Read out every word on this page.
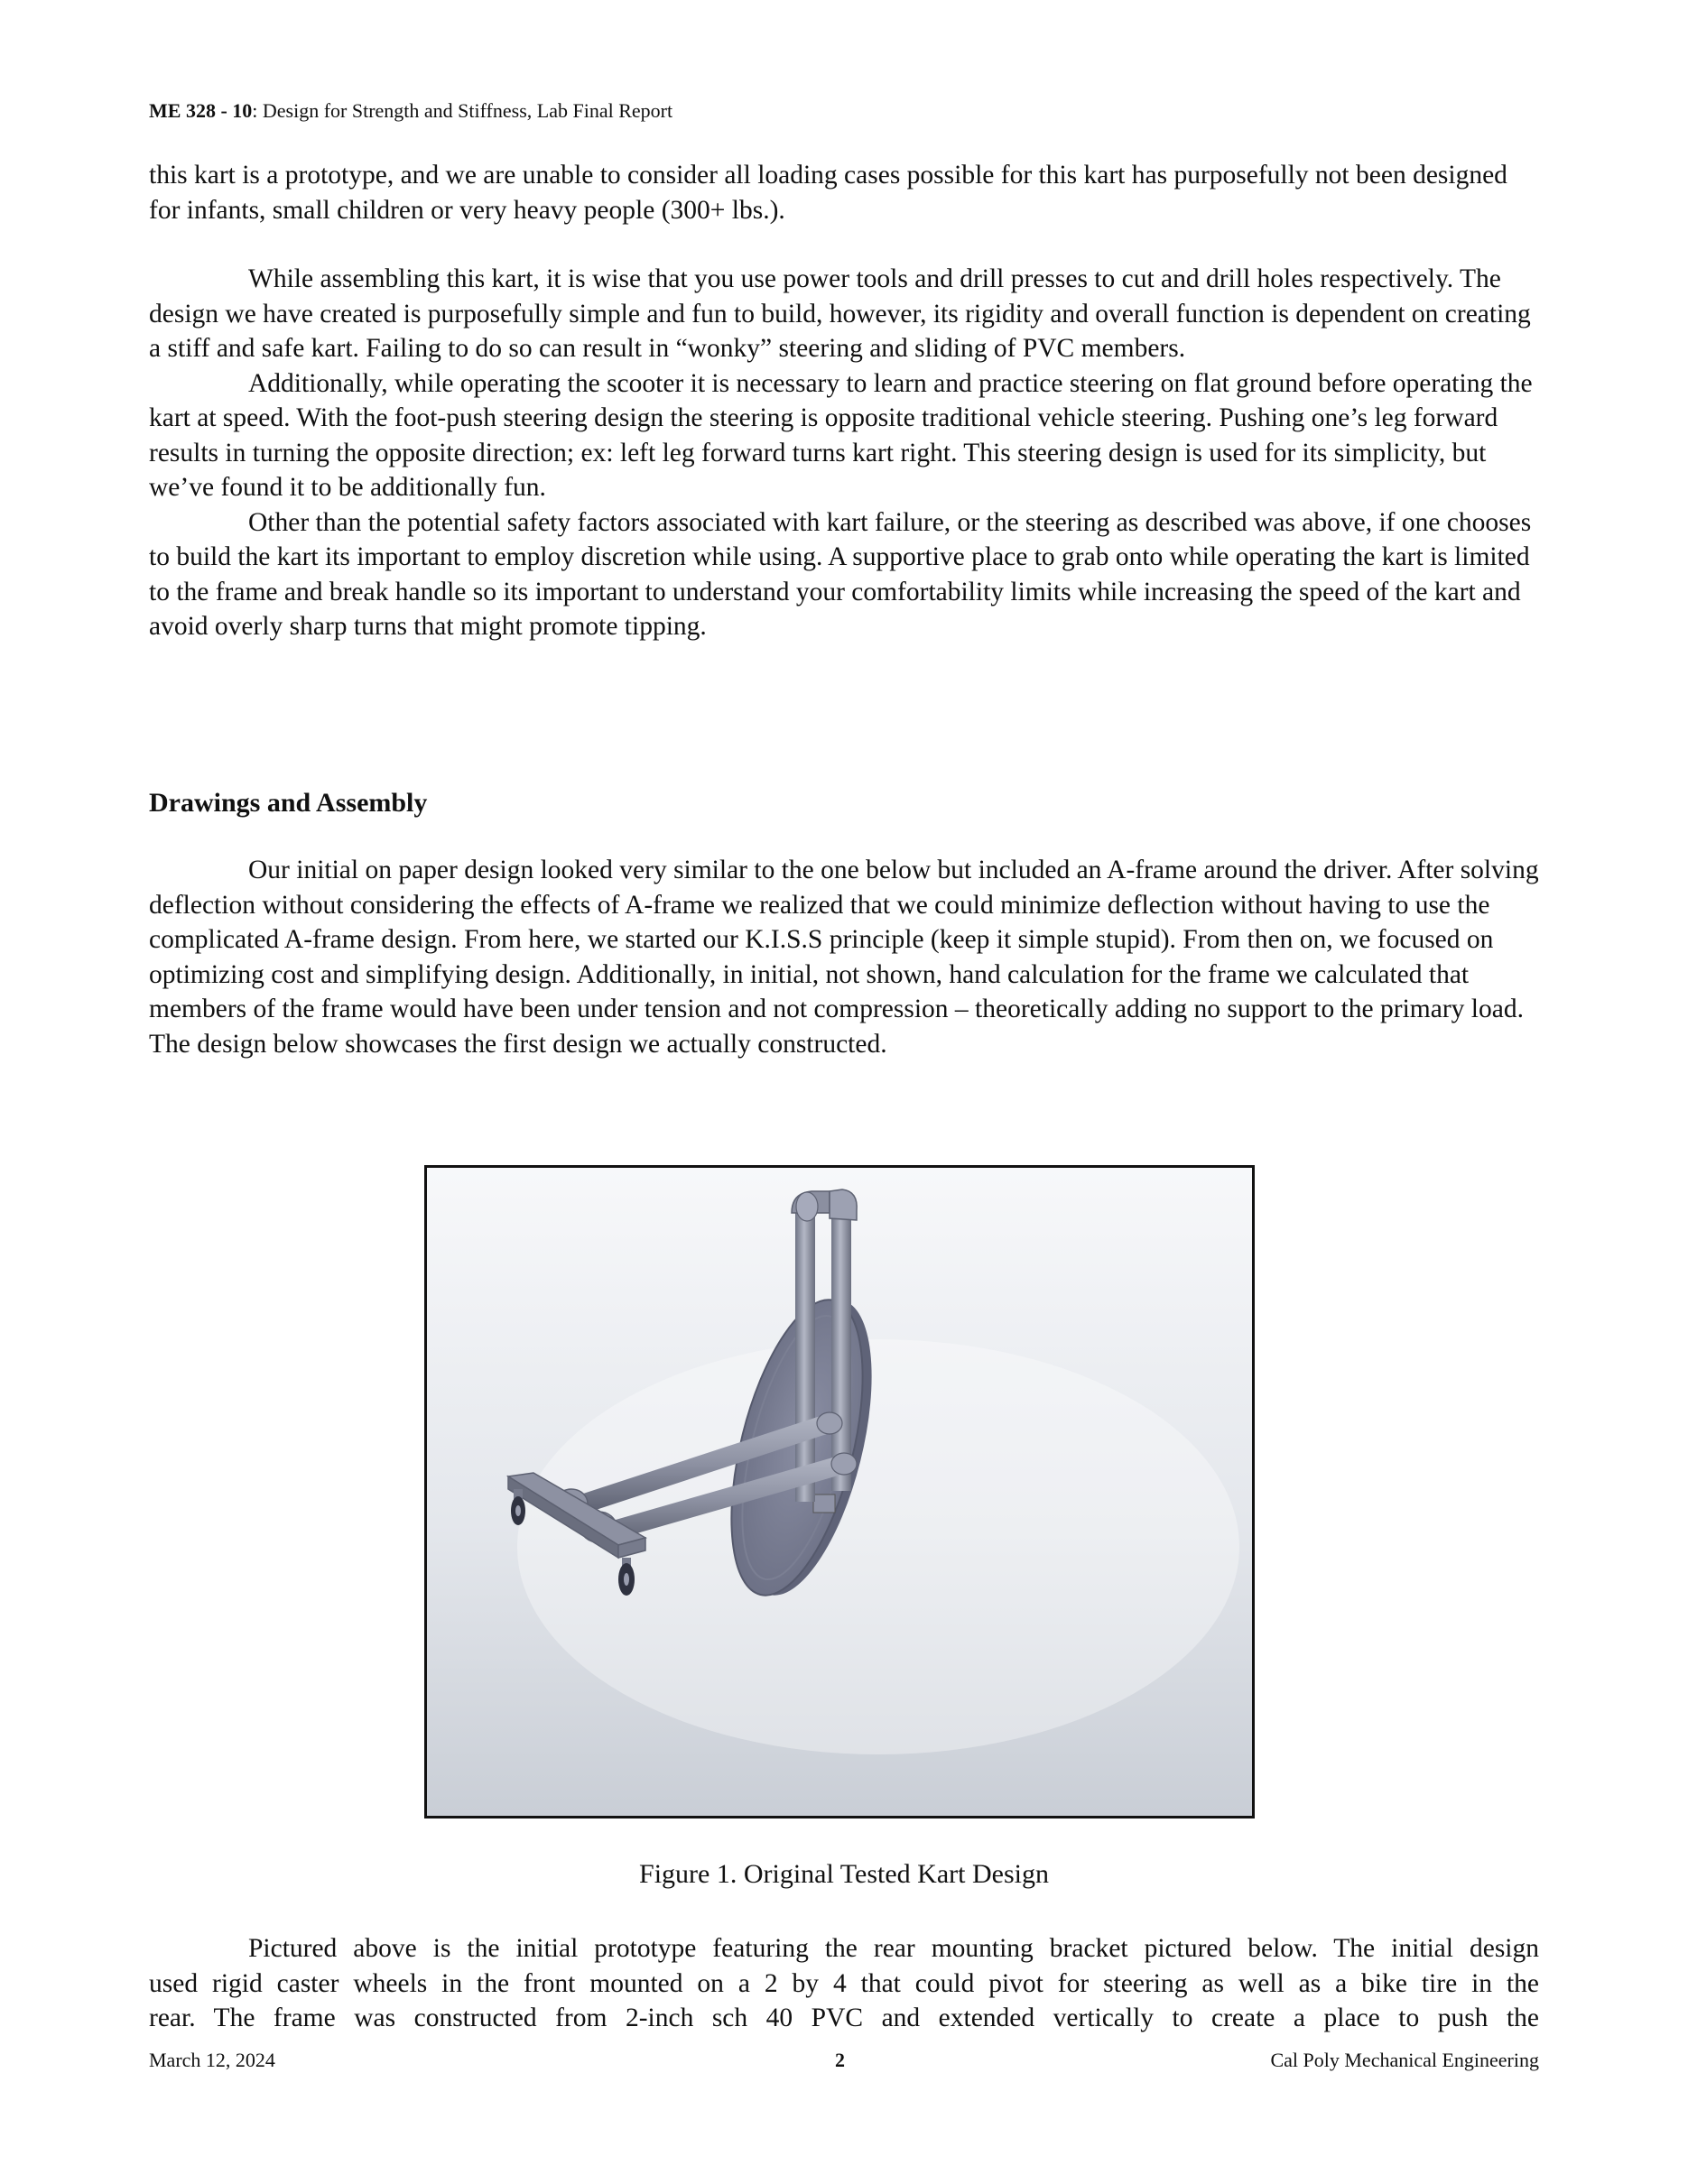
ME 328 - 10: Design for Strength and Stiffness, Lab Final Report

this kart is a prototype, and we are unable to consider all loading cases possible for this kart has purposefully not been designed for infants, small children or very heavy people (300+ lbs.).

While assembling this kart, it is wise that you use power tools and drill presses to cut and drill holes respectively. The design we have created is purposefully simple and fun to build, however, its rigidity and overall function is dependent on creating a stiff and safe kart. Failing to do so can result in “wonky” steering and sliding of PVC members.

Additionally, while operating the scooter it is necessary to learn and practice steering on flat ground before operating the kart at speed. With the foot-push steering design the steering is opposite traditional vehicle steering. Pushing one’s leg forward results in turning the opposite direction; ex: left leg forward turns kart right. This steering design is used for its simplicity, but we’ve found it to be additionally fun.

Other than the potential safety factors associated with kart failure, or the steering as described was above, if one chooses to build the kart its important to employ discretion while using. A supportive place to grab onto while operating the kart is limited to the frame and break handle so its important to understand your comfortability limits while increasing the speed of the kart and avoid overly sharp turns that might promote tipping.

Drawings and Assembly

Our initial on paper design looked very similar to the one below but included an A-frame around the driver. After solving deflection without considering the effects of A-frame we realized that we could minimize deflection without having to use the complicated A-frame design. From here, we started our K.I.S.S principle (keep it simple stupid). From then on, we focused on optimizing cost and simplifying design. Additionally, in initial, not shown, hand calculation for the frame we calculated that members of the frame would have been under tension and not compression – theoretically adding no support to the primary load. The design below showcases the first design we actually constructed.

Figure 1. Original Tested Kart Design

Pictured above is the initial prototype featuring the rear mounting bracket pictured below. The initial design

used rigid caster wheels in the front mounted on a 2 by 4 that could pivot for steering as well as a bike tire in the

rear. The frame was constructed from 2-inch sch 40 PVC and extended vertically to create a place to push the

March 12, 2024	2	Cal Poly Mechanical Engineering
